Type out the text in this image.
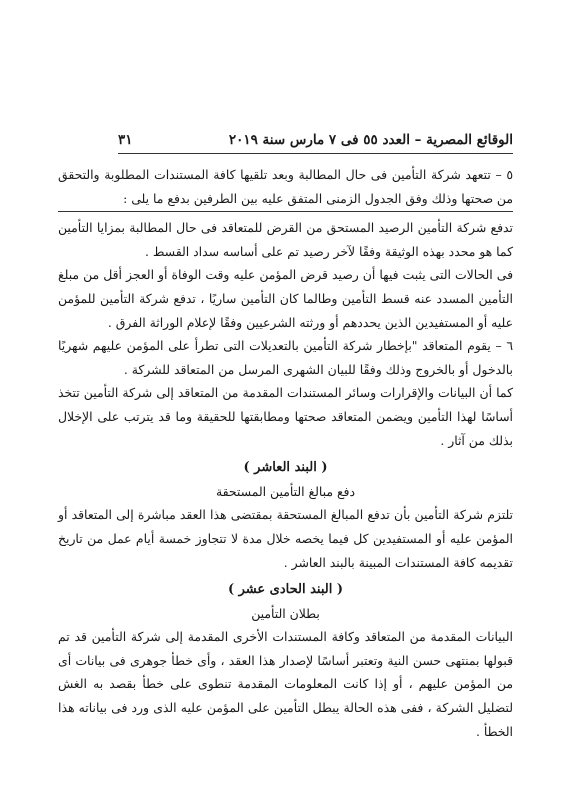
الوقائع المصرية – العدد ٥٥ فى ٧ مارس سنة ٢٠١٩
٣١

٥ – تتعهد شركة التأمين فى حال المطالبة وبعد تلقيها كافة المستندات المطلوبة والتحقق من صحتها وذلك وفق الجدول الزمنى المتفق عليه بين الطرفين بدفع ما يلى :

تدفع شركة التأمين الرصيد المستحق من القرض للمتعاقد فى حال المطالبة بمزايا التأمين كما هو محدد بهذه الوثيقة وفقًا لآخر رصيد تم على أساسه سداد القسط .

فى الحالات التى يثبت فيها أن رصيد قرض المؤمن عليه وقت الوفاة أو العجز أقل من مبلغ التأمين المسدد عنه قسط التأمين وطالما كان التأمين ساريًا ، تدفع شركة التأمين للمؤمن عليه أو المستفيدين الذين يحددهم أو ورثته الشرعيين وفقًا لإعلام الوراثة الفرق .

٦ – يقوم المتعاقد "بإخطار شركة التأمين بالتعديلات التى تطرأ على المؤمن عليهم شهريًا بالدخول أو بالخروج وذلك وفقًا للبيان الشهرى المرسل من المتعاقد للشركة .

كما أن البيانات والإقرارات وسائر المستندات المقدمة من المتعاقد إلى شركة التأمين تتخذ أساسًا لهذا التأمين ويضمن المتعاقد صحتها ومطابقتها للحقيقة وما قد يترتب على الإخلال بذلك من آثار .

( البند العاشر )

دفع مبالغ التأمين المستحقة

تلتزم شركة التأمين بأن تدفع المبالغ المستحقة بمقتضى هذا العقد مباشرة إلى المتعاقد أو المؤمن عليه أو المستفيدين كل فيما يخصه خلال مدة لا تتجاوز خمسة أيام عمل من تاريخ تقديمه كافة المستندات المبينة بالبند العاشر .

( البند الحادى عشر )

بطلان التأمين

البيانات المقدمة من المتعاقد وكافة المستندات الأخرى المقدمة إلى شركة التأمين قد تم قبولها بمنتهى حسن النية وتعتبر أساسًا لإصدار هذا العقد ، وأى خطأ جوهرى فى بيانات أى من المؤمن عليهم ، أو إذا كانت المعلومات المقدمة تنطوى على خطأ بقصد به الغش لتضليل الشركة ، ففى هذه الحالة يبطل التأمين على المؤمن عليه الذى ورد فى بياناته هذا الخطأ .
